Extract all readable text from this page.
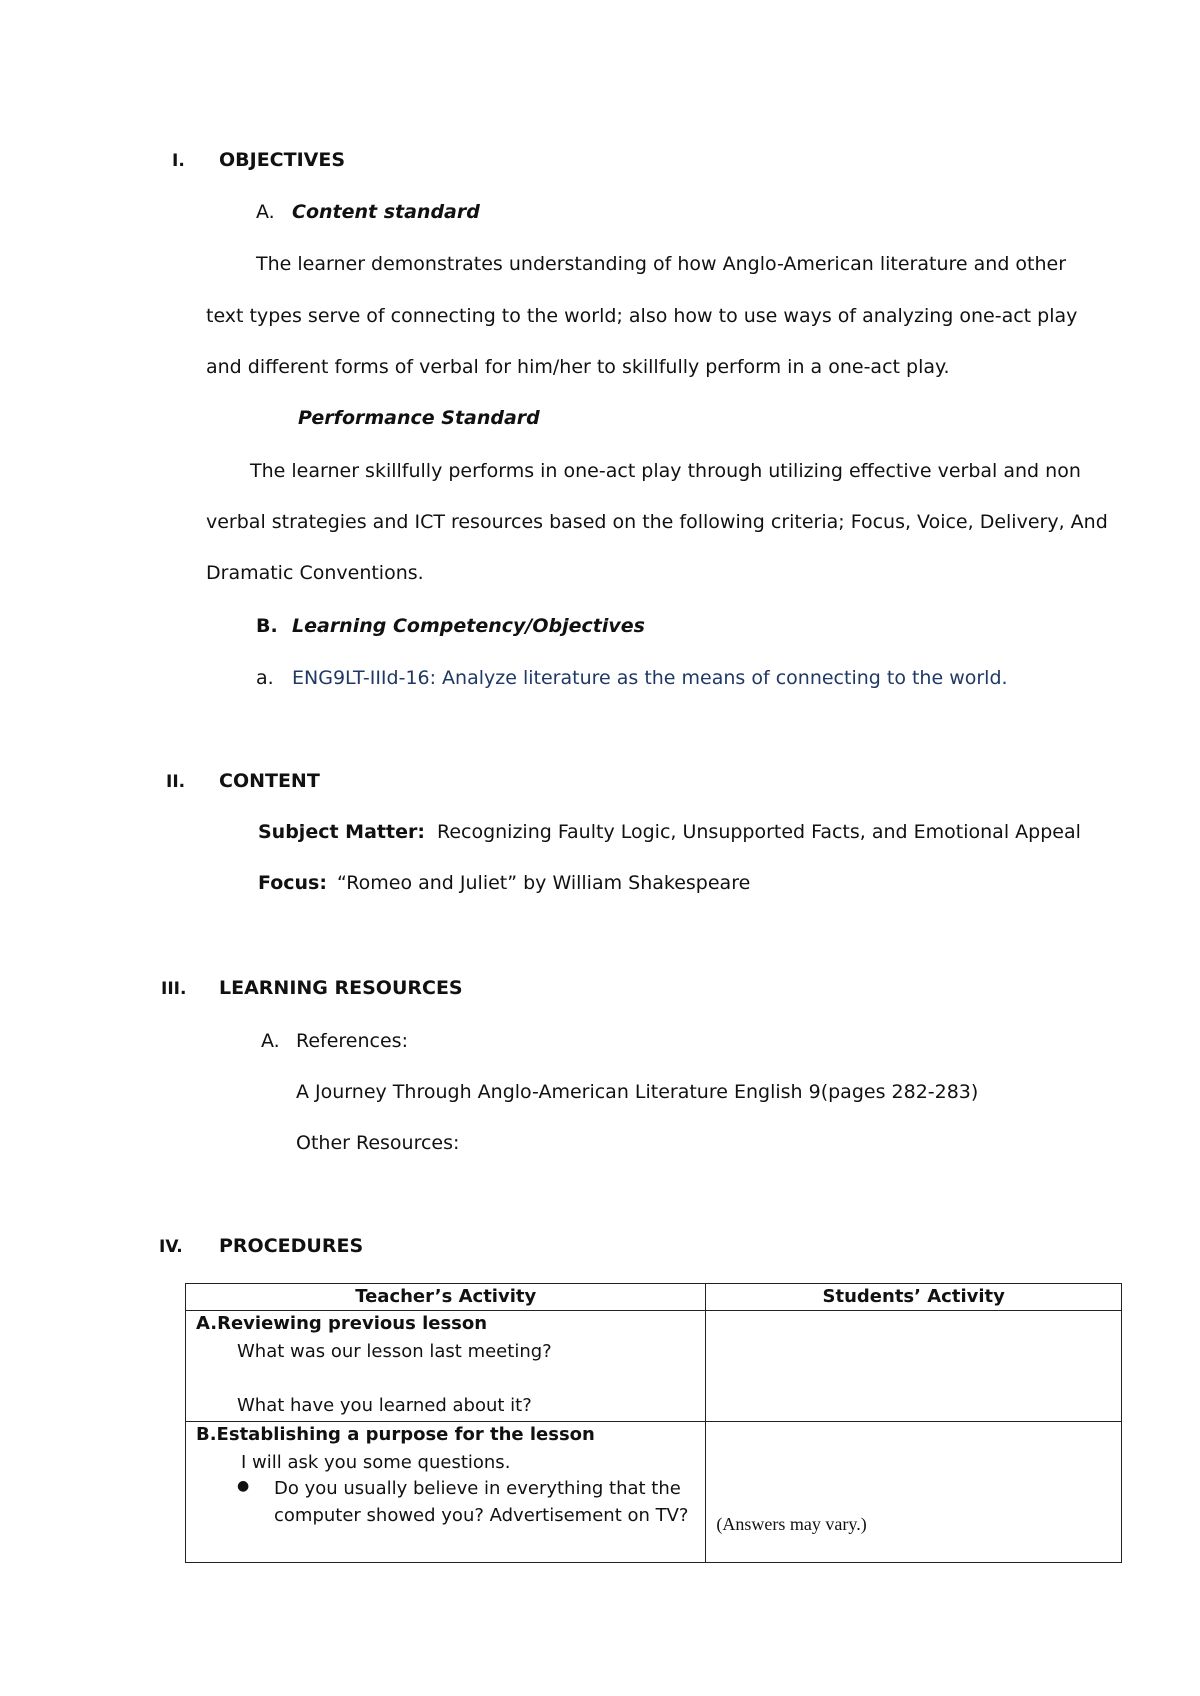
I. OBJECTIVES
A. Content standard
The learner demonstrates understanding of how Anglo-American literature and other
text types serve of connecting to the world; also how to use ways of analyzing one-act play
and different forms of verbal for him/her to skillfully perform in a one-act play.
Performance Standard
The learner skillfully performs in one-act play through utilizing effective verbal and non
verbal strategies and ICT resources based on the following criteria; Focus, Voice, Delivery, And
Dramatic Conventions.
B. Learning Competency/Objectives
a. ENG9LT-IIId-16: Analyze literature as the means of connecting to the world.
II. CONTENT
Subject Matter: Recognizing Faulty Logic, Unsupported Facts, and Emotional Appeal
Focus: “Romeo and Juliet” by William Shakespeare
III. LEARNING RESOURCES
A. References:
A Journey Through Anglo-American Literature English 9(pages 282-283)
Other Resources:
IV. PROCEDURES
Teacher’s Activity	Students’ Activity

A.Reviewing previous lesson
What was our lesson last meeting?
What have you learned about it?	

B.Establishing a purpose for the lesson
I will ask you some questions.
● Do you usually believe in everything that the
computer showed you? Advertisement on TV?	(Answers may vary.)
